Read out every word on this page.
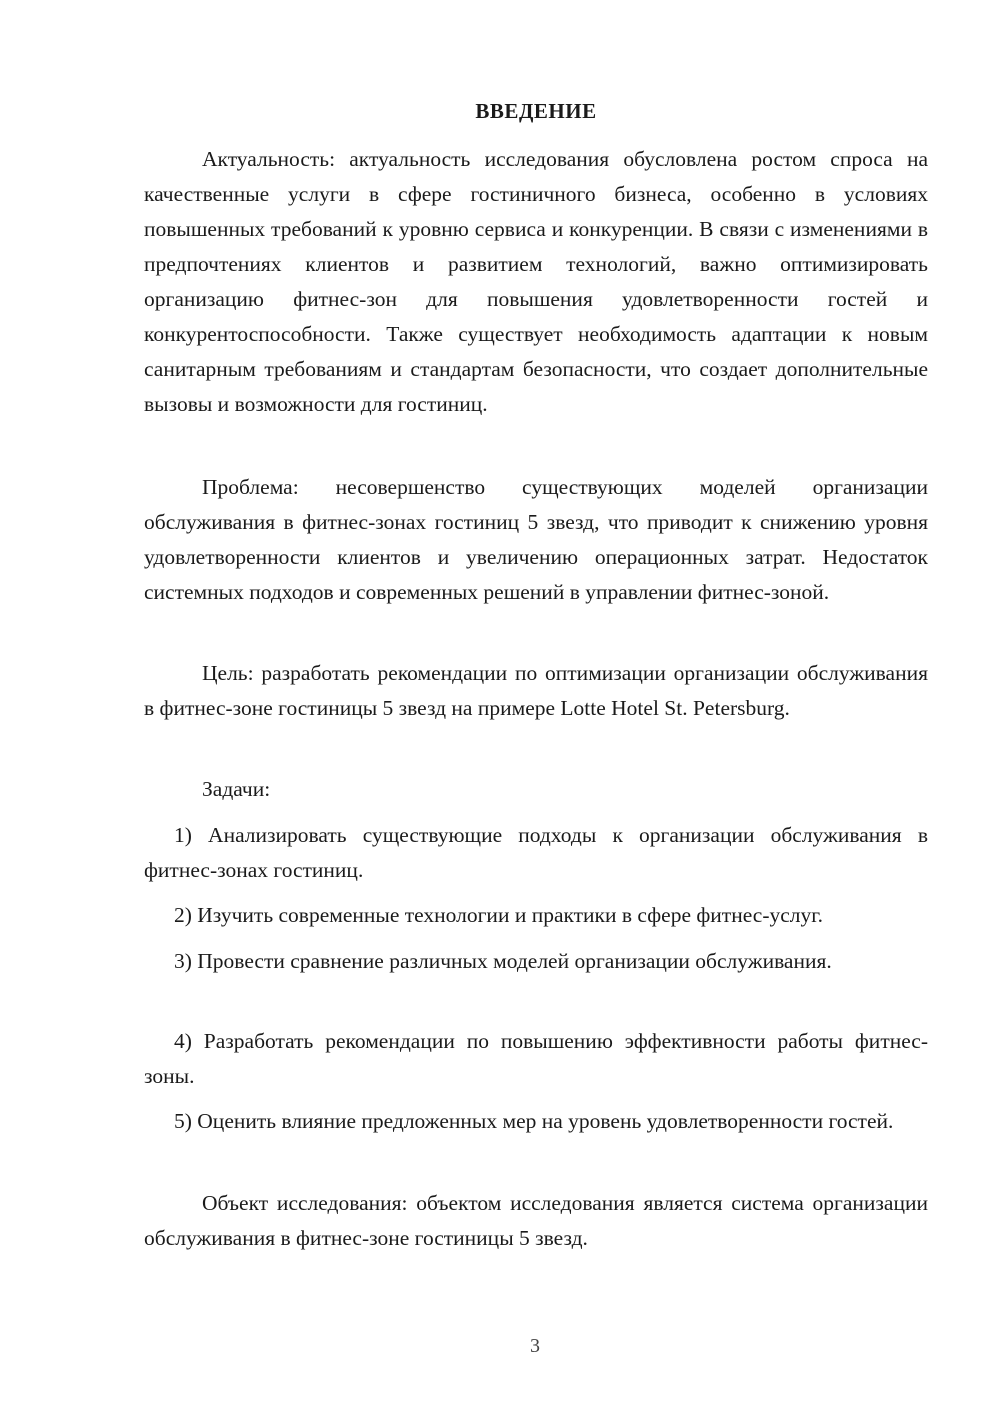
ВВЕДЕНИЕ

Актуальность: актуальность исследования обусловлена ростом спроса на качественные услуги в сфере гостиничного бизнеса, особенно в условиях повышенных требований к уровню сервиса и конкуренции. В связи с изменениями в предпочтениях клиентов и развитием технологий, важно оптимизировать организацию фитнес-зон для повышения удовлетворенности гостей и конкурентоспособности. Также существует необходимость адаптации к новым санитарным требованиям и стандартам безопасности, что создает дополнительные вызовы и возможности для гостиниц.

Проблема: несовершенство существующих моделей организации обслуживания в фитнес-зонах гостиниц 5 звезд, что приводит к снижению уровня удовлетворенности клиентов и увеличению операционных затрат. Недостаток системных подходов и современных решений в управлении фитнес-зоной.

Цель: разработать рекомендации по оптимизации организации обслуживания в фитнес-зоне гостиницы 5 звезд на примере Lotte Hotel St. Petersburg.

Задачи:

1) Анализировать существующие подходы к организации обслуживания в фитнес-зонах гостиниц.

2) Изучить современные технологии и практики в сфере фитнес-услуг.

3) Провести сравнение различных моделей организации обслуживания.

4) Разработать рекомендации по повышению эффективности работы фитнес-зоны.

5) Оценить влияние предложенных мер на уровень удовлетворенности гостей.

Объект исследования: объектом исследования является система организации обслуживания в фитнес-зоне гостиницы 5 звезд.

3
